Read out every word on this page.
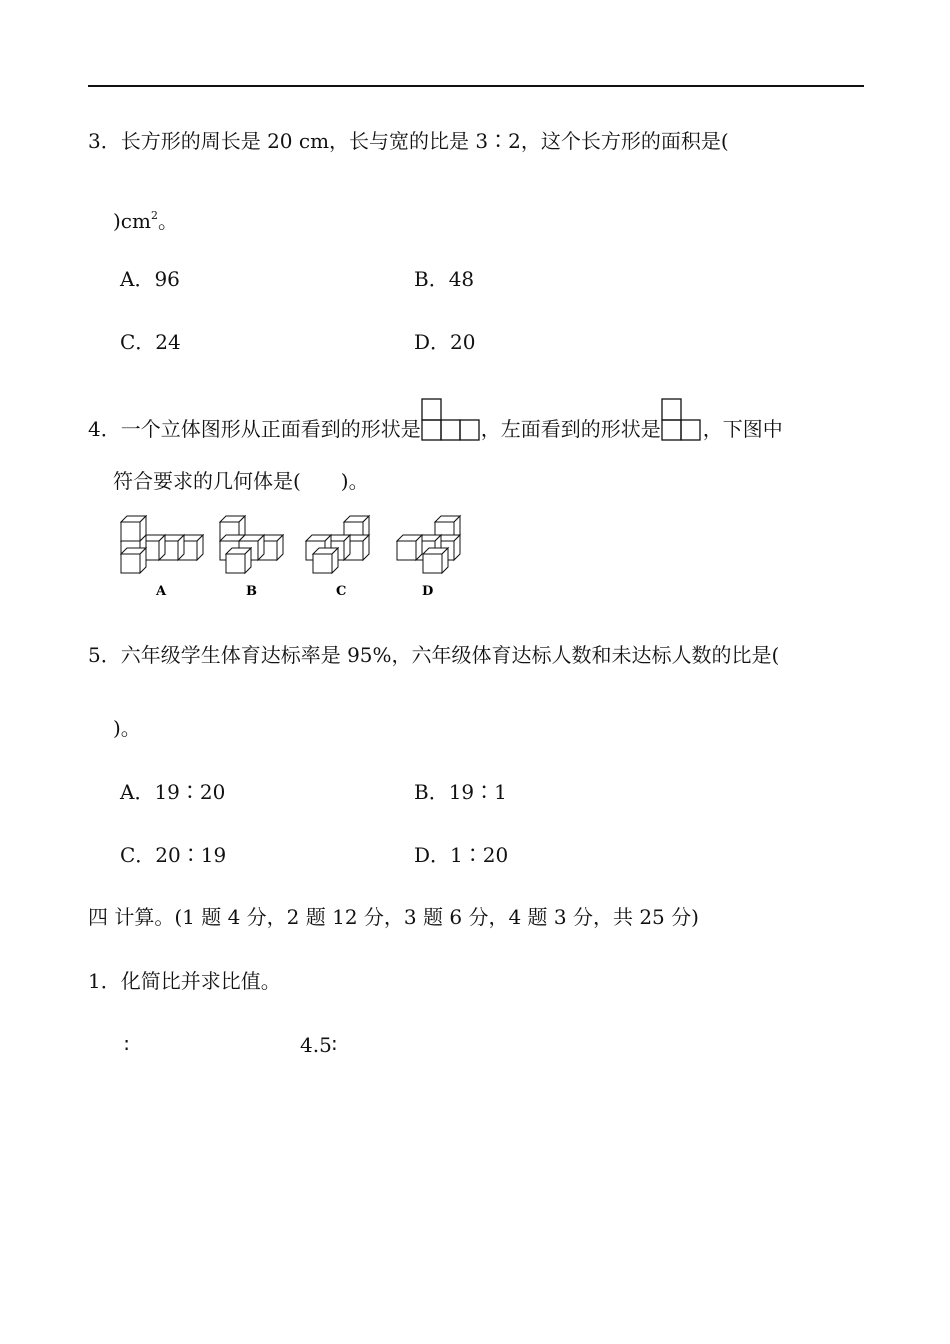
3．长方形的周长是 20 cm，长与宽的比是 3∶2，这个长方形的面积是(
)$cm^2$。
A．96	B．48
C．24	D．20
4．一个立体图形从正面看到的形状是	，左面看到的形状是 ，下图中
符合要求的几何体是(　　)。
A	B	C	D
5．六年级学生体育达标率是 95%，六年级体育达标人数和未达标人数的比是(
)。
A．19∶20	B．19∶1
C．20∶19	D．1∶20
四 计算。(1 题 4 分，2 题 12 分，3 题 6 分，4 题 3 分，共 25 分)
1．化简比并求比值。
∶	4.5∶
